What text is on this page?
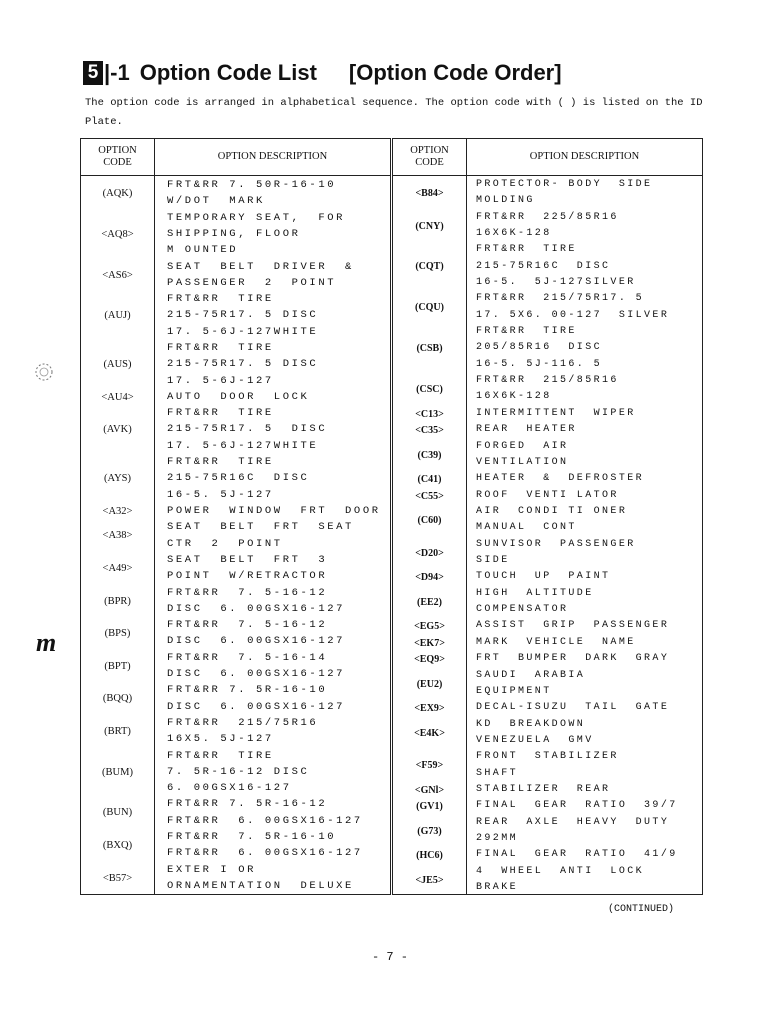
5 |-1 Option Code List [Option Code Order]
The option code is arranged in alphabetical sequence. The option code with ( ) is listed on the ID Plate.
OPTION
CODE
OPTION DESCRIPTION
(AQK)
FRT&RR 7. 50R-16-10
W/DOT  MARK
<AQ8>
TEMPORARY SEAT,  FOR
SHIPPING, FLOOR
M OUNTED
<AS6>
SEAT  BELT  DRIVER  &
PASSENGER  2  POINT
(AUJ)
FRT&RR  TIRE
215-75R17. 5 DISC
17. 5-6J-127WHITE
(AUS)
FRT&RR  TIRE
215-75R17. 5 DISC
17. 5-6J-127
<AU4>	AUTO  DOOR  LOCK
(AVK)
FRT&RR  TIRE
215-75R17. 5  DISC
17. 5-6J-127WHITE
(AYS)
FRT&RR  TIRE
215-75R16C  DISC
16-5. 5J-127
<A32>	POWER  WINDOW  FRT  DOOR
<A38>
SEAT  BELT  FRT  SEAT
CTR  2  POINT
<A49>
SEAT  BELT  FRT  3
POINT  W/RETRACTOR
(BPR)
FRT&RR  7. 5-16-12
DISC  6. 00GSX16-127
(BPS)
FRT&RR  7. 5-16-12
DISC  6. 00GSX16-127
(BPT)
FRT&RR  7. 5-16-14
DISC  6. 00GSX16-127
(BQQ)
FRT&RR 7. 5R-16-10
DISC  6. 00GSX16-127
(BRT)
FRT&RR  215/75R16
16X5. 5J-127
(BUM)
FRT&RR  TIRE
7. 5R-16-12 DISC
6. 00GSX16-127
(BUN)
FRT&RR 7. 5R-16-12
FRT&RR  6. 00GSX16-127
(BXQ)
FRT&RR  7. 5R-16-10
FRT&RR  6. 00GSX16-127
<B57>
EXTER I OR
ORNAMENTATION  DELUXE
OPTION
CODE
OPTION DESCRIPTION
<B84>
PROTECTOR- BODY  SIDE
MOLDING
(CNY)
FRT&RR  225/85R16
16X6K-128
(CQT)
FRT&RR  TIRE
215-75R16C  DISC
16-5.  5J-127SILVER
(CQU)
FRT&RR  215/75R17. 5
17. 5X6. 00-127  SILVER
(CSB)
FRT&RR  TIRE
205/85R16  DISC
16-5. 5J-116. 5
(CSC)
FRT&RR  215/85R16
16X6K-128
<C13>	INTERMITTENT  WIPER
<C35>	REAR  HEATER
(C39)
FORGED  AIR
VENTILATION
(C41)	HEATER  &  DEFROSTER
<C55>	ROOF  VENTI LATOR
(C60)
AIR  CONDI TI ONER
MANUAL  CONT
<D20>
SUNVISOR  PASSENGER
SIDE
<D94>	TOUCH  UP  PAINT
(EE2)
HIGH  ALTITUDE
COMPENSATOR
<EG5>	ASSIST  GRIP  PASSENGER
<EK7>	MARK  VEHICLE  NAME
<EQ9>	FRT  BUMPER  DARK  GRAY
(EU2)
SAUDI  ARABIA
EQUIPMENT
<EX9>	DECAL-ISUZU  TAIL  GATE
<E4K>
KD  BREAKDOWN
VENEZUELA  GMV
<F59>
FRONT  STABILIZER
SHAFT
<GNl>	STABILIZER  REAR
(GV1)	FINAL  GEAR  RATIO  39/7
(G73)
REAR  AXLE  HEAVY  DUTY
292MM
(HC6)	FINAL  GEAR  RATIO  41/9
<JE5>
4  WHEEL  ANTI  LOCK
BRAKE
(CONTINUED)
- 7 -
m
